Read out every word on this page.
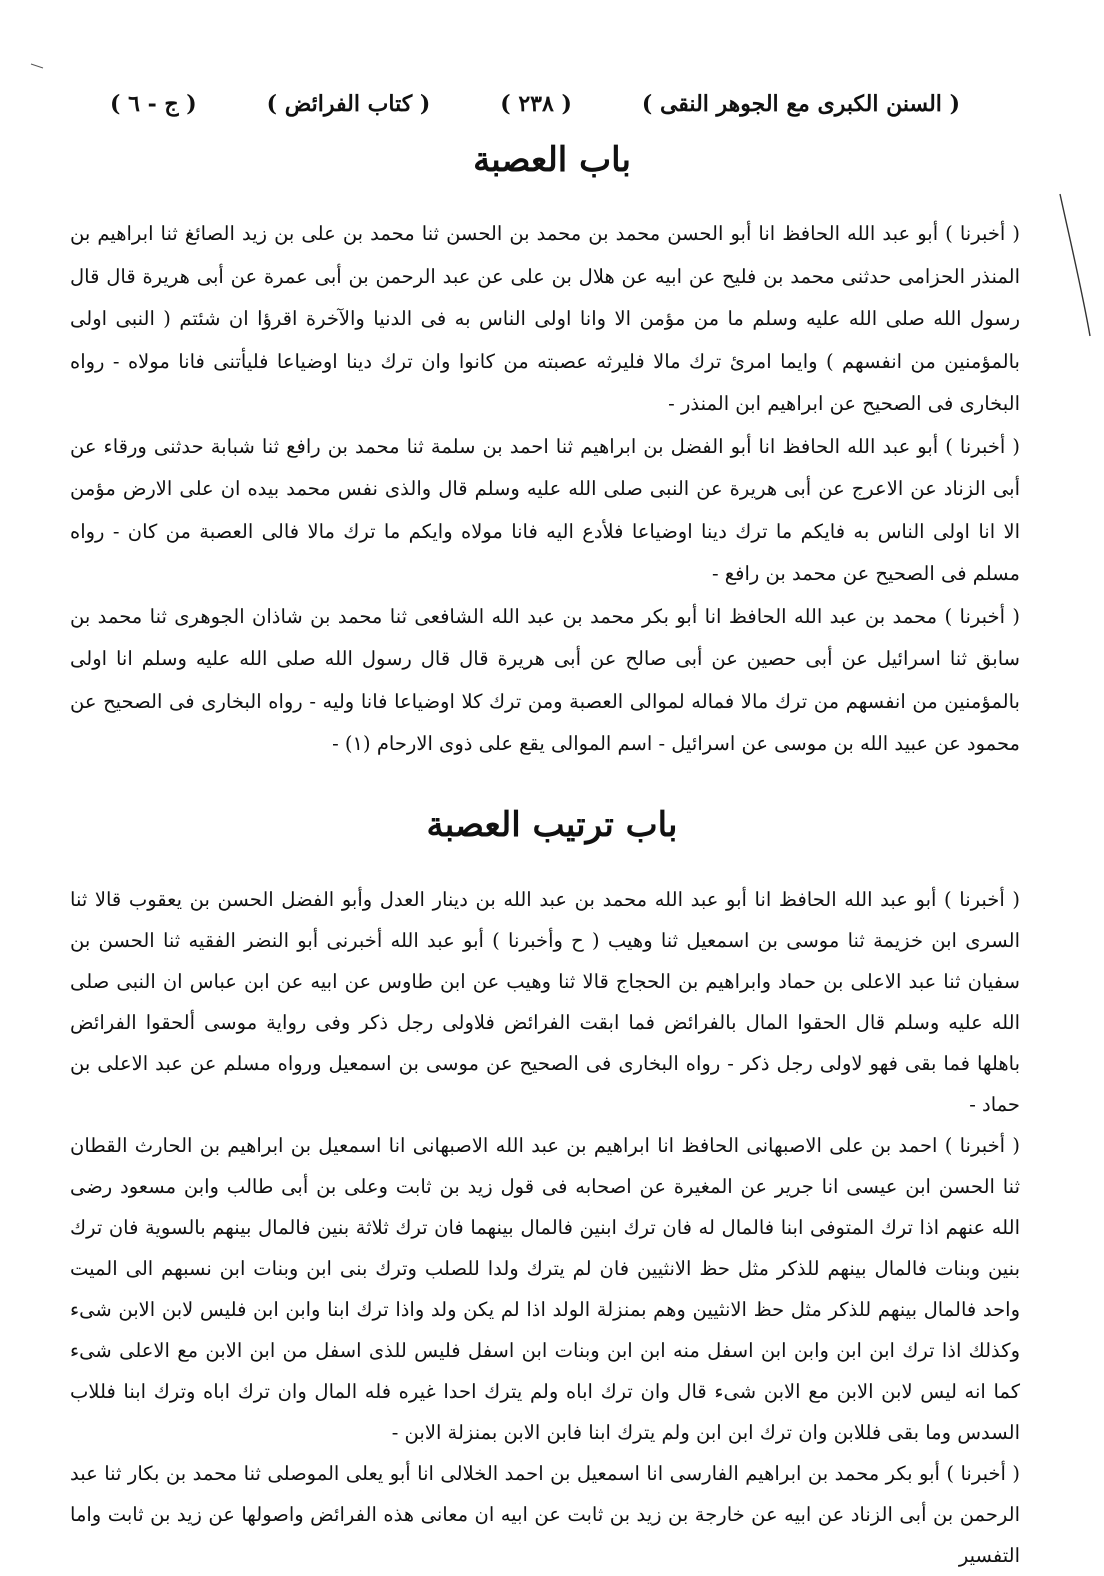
( السنن الكبرى مع الجوهر النقى )
( ٢٣٨ )
( كتاب الفرائض )
( ج - ٦ )
باب العصبة

( أخبرنا ) أبو عبد الله الحافظ انا أبو الحسن محمد بن محمد بن الحسن ثنا محمد بن على بن زيد الصائغ ثنا ابراهيم بن المنذر الحزامى حدثنى محمد بن فليح عن ابيه عن هلال بن على عن عبد الرحمن بن أبى عمرة عن أبى هريرة قال قال رسول الله صلى الله عليه وسلم ما من مؤمن الا وانا اولى الناس به فى الدنيا والآخرة اقرؤا ان شئتم ( النبى اولى بالمؤمنين من انفسهم ) وايما امرئ ترك مالا فليرثه عصبته من كانوا وان ترك دينا اوضياعا فليأتنى فانا مولاه - رواه البخارى فى الصحيح عن ابراهيم ابن المنذر -

( أخبرنا ) أبو عبد الله الحافظ انا أبو الفضل بن ابراهيم ثنا احمد بن سلمة ثنا محمد بن رافع ثنا شبابة حدثنى ورقاء عن أبى الزناد عن الاعرج عن أبى هريرة عن النبى صلى الله عليه وسلم قال والذى نفس محمد بيده ان على الارض مؤمن الا انا اولى الناس به فايكم ما ترك دينا اوضياعا فلأدع اليه فانا مولاه وايكم ما ترك مالا فالى العصبة من كان - رواه مسلم فى الصحيح عن محمد بن رافع -

( أخبرنا ) محمد بن عبد الله الحافظ انا أبو بكر محمد بن عبد الله الشافعى ثنا محمد بن شاذان الجوهرى ثنا محمد بن سابق ثنا اسرائيل عن أبى حصين عن أبى صالح عن أبى هريرة قال قال رسول الله صلى الله عليه وسلم انا اولى بالمؤمنين من انفسهم من ترك مالا فماله لموالى العصبة ومن ترك كلا اوضياعا فانا وليه - رواه البخارى فى الصحيح عن محمود عن عبيد الله بن موسى عن اسرائيل - اسم الموالى يقع على ذوى الارحام (١) -

باب ترتيب العصبة

( أخبرنا ) أبو عبد الله الحافظ انا أبو عبد الله محمد بن عبد الله بن دينار العدل وأبو الفضل الحسن بن يعقوب قالا ثنا السرى ابن خزيمة ثنا موسى بن اسمعيل ثنا وهيب ( ح وأخبرنا ) أبو عبد الله أخبرنى أبو النضر الفقيه ثنا الحسن بن سفيان ثنا عبد الاعلى بن حماد وابراهيم بن الحجاج قالا ثنا وهيب عن ابن طاوس عن ابيه عن ابن عباس ان النبى صلى الله عليه وسلم قال الحقوا المال بالفرائض فما ابقت الفرائض فلاولى رجل ذكر وفى رواية موسى ألحقوا الفرائض باهلها فما بقى فهو لاولى رجل ذكر - رواه البخارى فى الصحيح عن موسى بن اسمعيل ورواه مسلم عن عبد الاعلى بن حماد -

( أخبرنا ) احمد بن على الاصبهانى الحافظ انا ابراهيم بن عبد الله الاصبهانى انا اسمعيل بن ابراهيم بن الحارث القطان ثنا الحسن ابن عيسى انا جرير عن المغيرة عن اصحابه فى قول زيد بن ثابت وعلى بن أبى طالب وابن مسعود رضى الله عنهم اذا ترك المتوفى ابنا فالمال له فان ترك ابنين فالمال بينهما فان ترك ثلاثة بنين فالمال بينهم بالسوية فان ترك بنين وبنات فالمال بينهم للذكر مثل حظ الانثيين فان لم يترك ولدا للصلب وترك بنى ابن وبنات ابن نسبهم الى الميت واحد فالمال بينهم للذكر مثل حظ الانثيين وهم بمنزلة الولد اذا لم يكن ولد واذا ترك ابنا وابن ابن فليس لابن الابن شىء وكذلك اذا ترك ابن ابن وابن ابن اسفل منه ابن ابن وبنات ابن اسفل فليس للذى اسفل من ابن الابن مع الاعلى شىء كما انه ليس لابن الابن مع الابن شىء قال وان ترك اباه ولم يترك احدا غيره فله المال وان ترك اباه وترك ابنا فللاب السدس وما بقى فللابن وان ترك ابن ابن ولم يترك ابنا فابن الابن بمنزلة الابن -

( أخبرنا ) أبو بكر محمد بن ابراهيم الفارسى انا اسمعيل بن احمد الخلالى انا أبو يعلى الموصلى ثنا محمد بن بكار ثنا عبد الرحمن بن أبى الزناد عن ابيه عن خارجة بن زيد بن ثابت عن ابيه ان معانى هذه الفرائض واصولها عن زيد بن ثابت واما التفسير
